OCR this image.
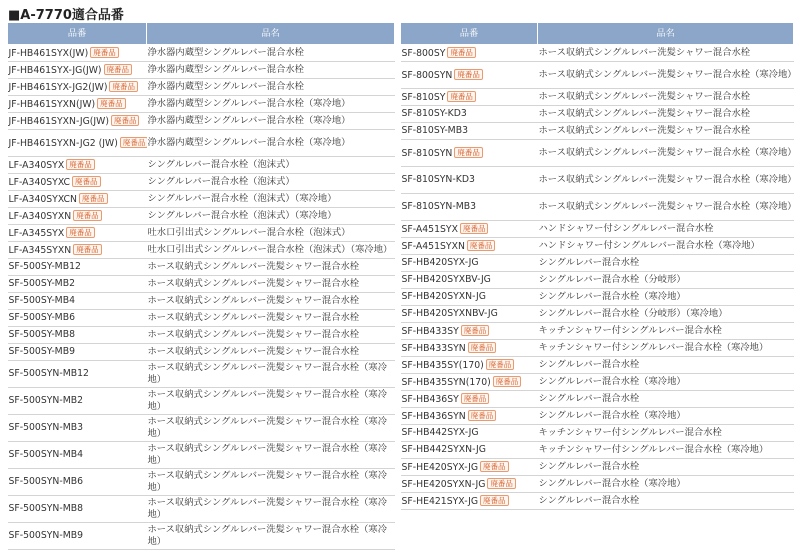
■A-7770適合品番
品番	品名
JF-HB461SYX(JW) 廃番品	浄水器内蔵型シングルレバー混合水栓
JF-HB461SYX-JG(JW) 廃番品	浄水器内蔵型シングルレバー混合水栓
JF-HB461SYX-JG2(JW) 廃番品	浄水器内蔵型シングルレバー混合水栓
JF-HB461SYXN(JW) 廃番品	浄水器内蔵型シングルレバー混合水栓（寒冷地）
JF-HB461SYXN-JG(JW) 廃番品	浄水器内蔵型シングルレバー混合水栓（寒冷地）
JF-HB461SYXN-JG2 (JW) 廃番品	浄水器内蔵型シングルレバー混合水栓（寒冷地）
LF-A340SYX 廃番品	シングルレバー混合水栓（泡沫式）
LF-A340SYXC 廃番品	シングルレバー混合水栓（泡沫式）
LF-A340SYXCN 廃番品	シングルレバー混合水栓（泡沫式）（寒冷地）
LF-A340SYXN 廃番品	シングルレバー混合水栓（泡沫式）（寒冷地）
LF-A345SYX 廃番品	吐水口引出式シングルレバー混合水栓（泡沫式）
LF-A345SYXN 廃番品	吐水口引出式シングルレバー混合水栓（泡沫式）（寒冷地）
SF-500SY-MB12	ホース収納式シングルレバー洗髪シャワー混合水栓
SF-500SY-MB2	ホース収納式シングルレバー洗髪シャワー混合水栓
SF-500SY-MB4	ホース収納式シングルレバー洗髪シャワー混合水栓
SF-500SY-MB6	ホース収納式シングルレバー洗髪シャワー混合水栓
SF-500SY-MB8	ホース収納式シングルレバー洗髪シャワー混合水栓
SF-500SY-MB9	ホース収納式シングルレバー洗髪シャワー混合水栓
SF-500SYN-MB12	ホース収納式シングルレバー洗髪シャワー混合水栓（寒冷地）
SF-500SYN-MB2	ホース収納式シングルレバー洗髪シャワー混合水栓（寒冷地）
SF-500SYN-MB3	ホース収納式シングルレバー洗髪シャワー混合水栓（寒冷地）
SF-500SYN-MB4	ホース収納式シングルレバー洗髪シャワー混合水栓（寒冷地）
SF-500SYN-MB6	ホース収納式シングルレバー洗髪シャワー混合水栓（寒冷地）
SF-500SYN-MB8	ホース収納式シングルレバー洗髪シャワー混合水栓（寒冷地）
SF-500SYN-MB9	ホース収納式シングルレバー洗髪シャワー混合水栓（寒冷地）
品番	品名
SF-800SY 廃番品	ホース収納式シングルレバー洗髪シャワー混合水栓
SF-800SYN 廃番品	ホース収納式シングルレバー洗髪シャワー混合水栓（寒冷地）
SF-810SY 廃番品	ホース収納式シングルレバー洗髪シャワー混合水栓
SF-810SY-KD3	ホース収納式シングルレバー洗髪シャワー混合水栓
SF-810SY-MB3	ホース収納式シングルレバー洗髪シャワー混合水栓
SF-810SYN 廃番品	ホース収納式シングルレバー洗髪シャワー混合水栓（寒冷地）
SF-810SYN-KD3	ホース収納式シングルレバー洗髪シャワー混合水栓（寒冷地）
SF-810SYN-MB3	ホース収納式シングルレバー洗髪シャワー混合水栓（寒冷地）
SF-A451SYX 廃番品	ハンドシャワー付シングルレバー混合水栓
SF-A451SYXN 廃番品	ハンドシャワー付シングルレバー混合水栓（寒冷地）
SF-HB420SYX-JG	シングルレバー混合水栓
SF-HB420SYXBV-JG	シングルレバー混合水栓（分岐形）
SF-HB420SYXN-JG	シングルレバー混合水栓（寒冷地）
SF-HB420SYXNBV-JG	シングルレバー混合水栓（分岐形）（寒冷地）
SF-HB433SY 廃番品	キッチンシャワー付シングルレバー混合水栓
SF-HB433SYN 廃番品	キッチンシャワー付シングルレバー混合水栓（寒冷地）
SF-HB435SY(170) 廃番品	シングルレバー混合水栓
SF-HB435SYN(170) 廃番品	シングルレバー混合水栓（寒冷地）
SF-HB436SY 廃番品	シングルレバー混合水栓
SF-HB436SYN 廃番品	シングルレバー混合水栓（寒冷地）
SF-HB442SYX-JG	キッチンシャワー付シングルレバー混合水栓
SF-HB442SYXN-JG	キッチンシャワー付シングルレバー混合水栓（寒冷地）
SF-HE420SYX-JG 廃番品	シングルレバー混合水栓
SF-HE420SYXN-JG 廃番品	シングルレバー混合水栓（寒冷地）
SF-HE421SYX-JG 廃番品	シングルレバー混合水栓
